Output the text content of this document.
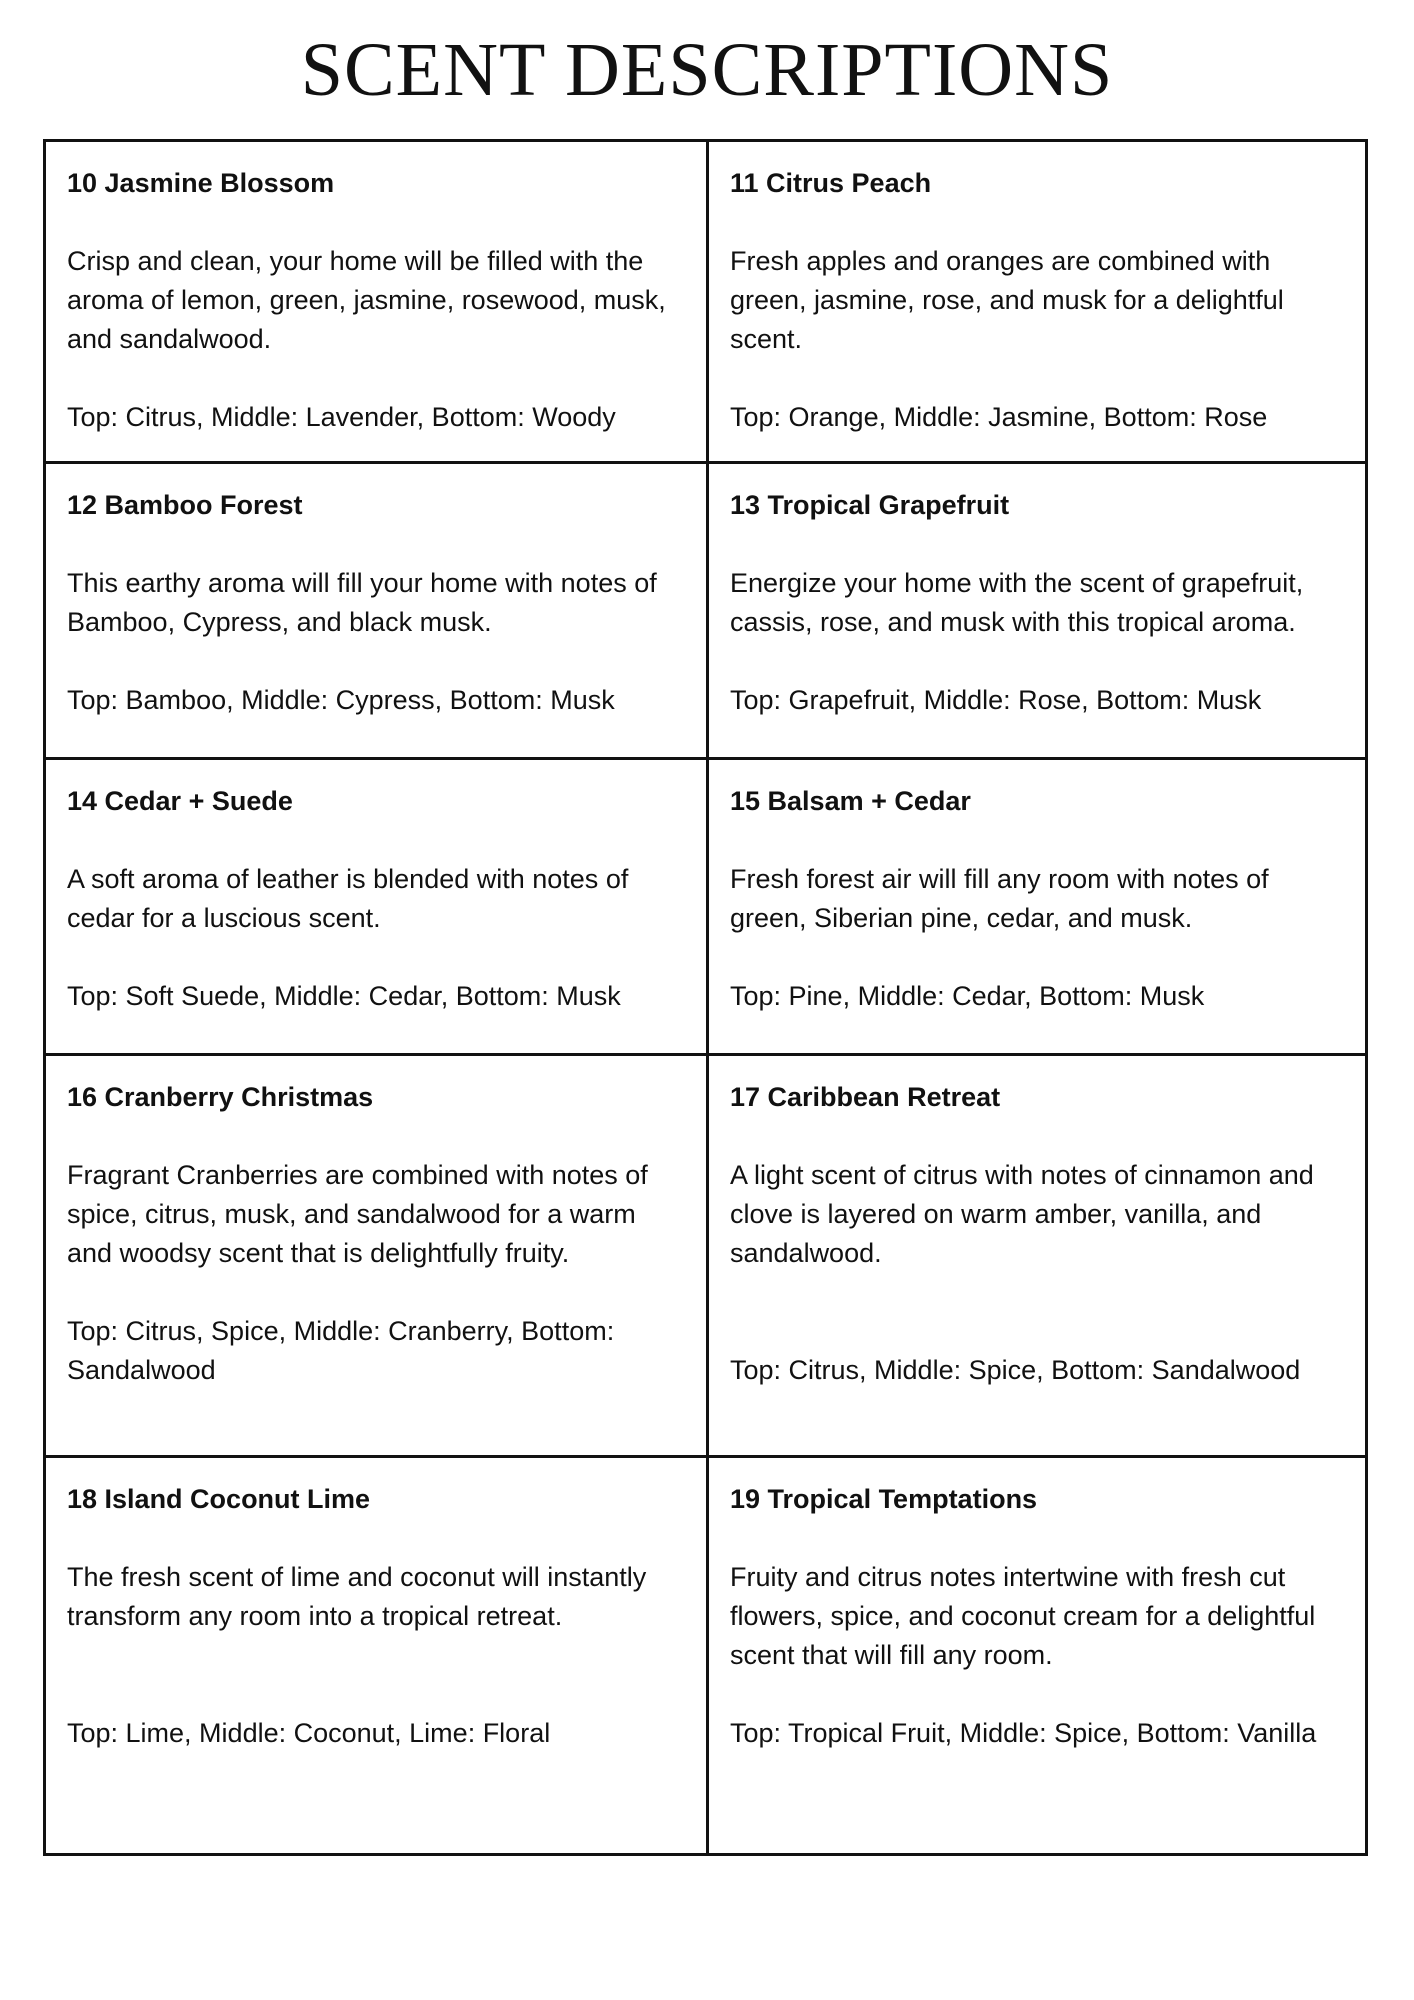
SCENT DESCRIPTIONS

10 Jasmine Blossom

Crisp and clean, your home will be filled with the aroma of lemon, green, jasmine, rosewood, musk, and sandalwood.

Top: Citrus, Middle: Lavender, Bottom: Woody

11 Citrus Peach

Fresh apples and oranges are combined with green, jasmine, rose, and musk for a delightful scent.

Top: Orange, Middle: Jasmine, Bottom: Rose

12 Bamboo Forest

This earthy aroma will fill your home with notes of Bamboo, Cypress, and black musk.

Top: Bamboo, Middle: Cypress, Bottom: Musk

13 Tropical Grapefruit

Energize your home with the scent of grapefruit, cassis, rose, and musk with this tropical aroma.

Top: Grapefruit, Middle: Rose, Bottom: Musk

14 Cedar + Suede

A soft aroma of leather is blended with notes of cedar for a luscious scent.

Top: Soft Suede, Middle: Cedar, Bottom: Musk

15 Balsam + Cedar

Fresh forest air will fill any room with notes of green, Siberian pine, cedar, and musk.

Top: Pine, Middle: Cedar, Bottom: Musk

16 Cranberry Christmas

Fragrant Cranberries are combined with notes of spice, citrus, musk, and sandalwood for a warm and woodsy scent that is delightfully fruity.

Top: Citrus, Spice, Middle: Cranberry, Bottom: Sandalwood

17 Caribbean Retreat

A light scent of citrus with notes of cinnamon and clove is layered on warm amber, vanilla, and sandalwood.

Top: Citrus, Middle: Spice, Bottom: Sandalwood

18 Island Coconut Lime

The fresh scent of lime and coconut will instantly transform any room into a tropical retreat.

Top: Lime, Middle: Coconut, Lime: Floral

19 Tropical Temptations

Fruity and citrus notes intertwine with fresh cut flowers, spice, and coconut cream for a delightful scent that will fill any room.

Top: Tropical Fruit, Middle: Spice, Bottom: Vanilla
